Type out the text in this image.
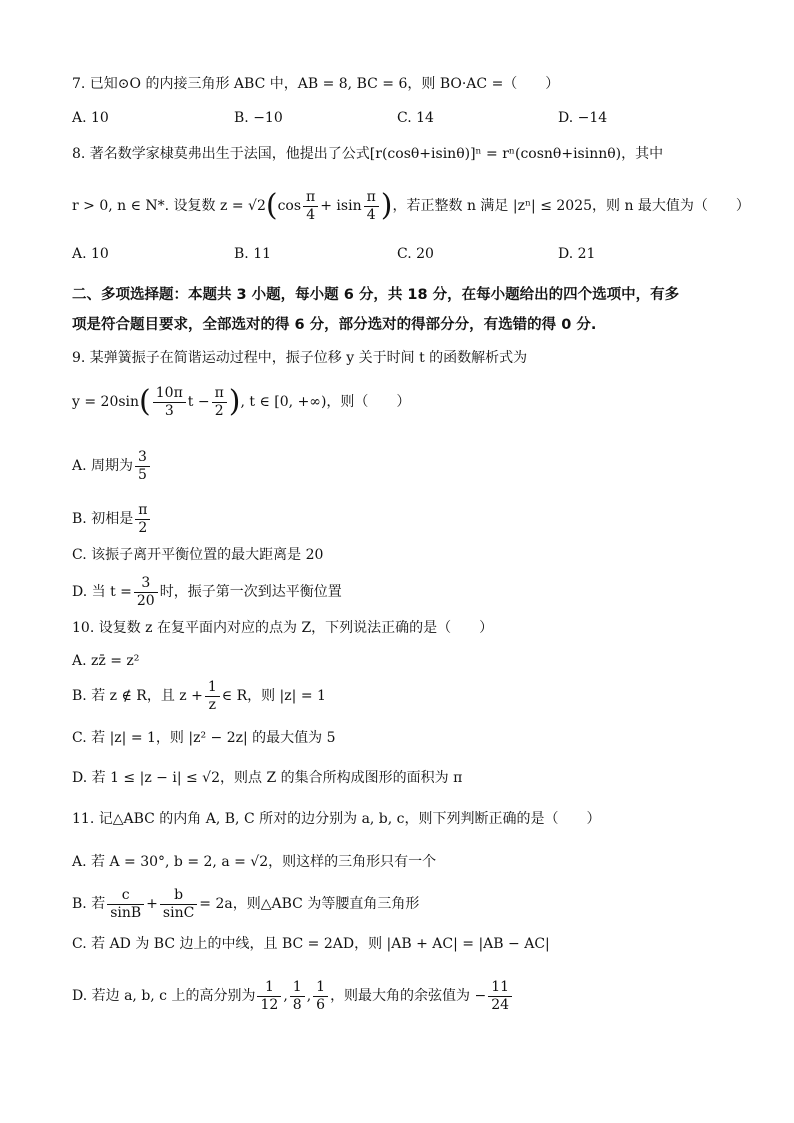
7. 已知⊙O 的内接三角形 ABC 中，AB = 8, BC = 6，则 BO·AC =（　　）
A. 10	B. −10	C. 14	D. −14
8. 著名数学家棣莫弗出生于法国，他提出了公式[r(cosθ+isinθ)]ⁿ = rⁿ(cosnθ+isinnθ)，其中
r > 0, n ∈ N*. 设复数 $z = √2(\cos \frac{\pi}{4} + isin \frac{\pi}{4}$ )，若正整数 n 满足 |zⁿ| ≤ 2025，则 n 最大值为（　　）
A. 10	B. 11	C. 20	D. 21
二、多项选择题：本题共 3 小题，每小题 6 分，共 18 分，在每小题给出的四个选项中，有多
项是符合题目要求，全部选对的得 6 分，部分选对的得部分分，有选错的得 0 分.
9. 某弹簧振子在简谐运动过程中，振子位移 y 关于时间 t 的函数解析式为
$y = 20\sin( \frac{10\pi}{3}$ $t - \frac{\pi}{2}$ ), t ∈ [0, +∞)，则（　　）
A. 周期为 $\frac{3}{5}$
B. 初相是 $\frac{\pi}{2}$
C. 该振子离开平衡位置的最大距离是 20
D. 当 $t = \frac{3}{20}$ 时，振子第一次到达平衡位置
10. 设复数 z 在复平面内对应的点为 Z，下列说法正确的是（　　）
A. zz̄ = z²
B. 若 z ∉ R，且 $z + \frac{1}{z}$ ∈ R，则 |z| = 1
C. 若 |z| = 1，则 |z² − 2z| 的最大值为 5
D. 若 1 ≤ |z − i| ≤ √2，则点 Z 的集合所构成图形的面积为 π
11. 记△ABC 的内角 A, B, C 所对的边分别为 a, b, c，则下列判断正确的是（　　）
A. 若 A = 30°, b = 2, a = √2，则这样的三角形只有一个
B. 若 $\frac{c}{\sin B} + \frac{b}{\sin C} = 2a$，则△ABC 为等腰直角三角形
C. 若 AD 为 BC 边上的中线，且 BC = 2AD，则 |AB + AC| = |AB − AC|
D. 若边 a, b, c 上的高分别为 $\frac{1}{12}$ , $\frac{1}{8}$ , $\frac{1}{6}$ ，则最大角的余弦值为 − $\frac{11}{24}$
